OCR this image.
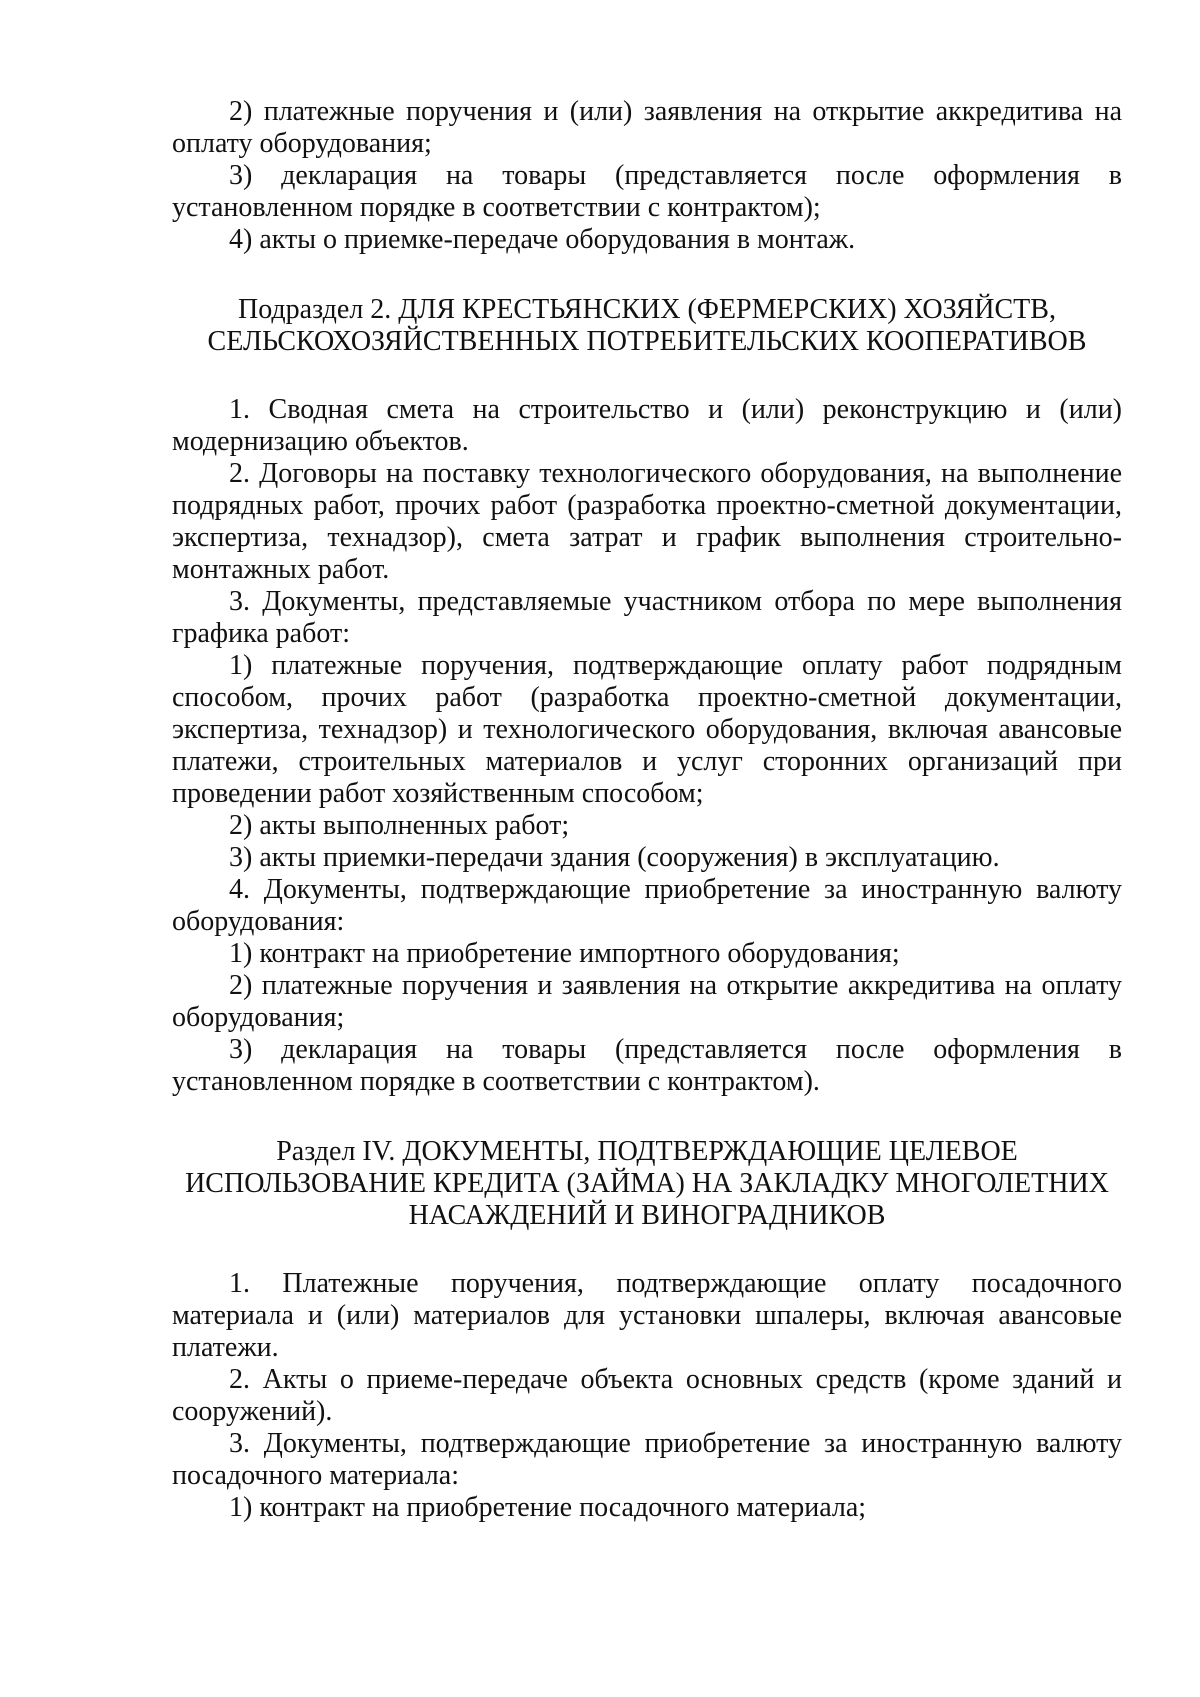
2) платежные поручения и (или) заявления на открытие аккредитива на оплату оборудования;

3) декларация на товары (представляется после оформления в установленном порядке в соответствии с контрактом);

4) акты о приемке-передаче оборудования в монтаж.

Подраздел 2. ДЛЯ КРЕСТЬЯНСКИХ (ФЕРМЕРСКИХ) ХОЗЯЙСТВ,
СЕЛЬСКОХОЗЯЙСТВЕННЫХ ПОТРЕБИТЕЛЬСКИХ КООПЕРАТИВОВ

1. Сводная смета на строительство и (или) реконструкцию и (или) модернизацию объектов.

2. Договоры на поставку технологического оборудования, на выполнение подрядных работ, прочих работ (разработка проектно-сметной документации, экспертиза, технадзор), смета затрат и график выполнения строительно-монтажных работ.

3. Документы, представляемые участником отбора по мере выполнения графика работ:

1) платежные поручения, подтверждающие оплату работ подрядным способом, прочих работ (разработка проектно-сметной документации, экспертиза, технадзор) и технологического оборудования, включая авансовые платежи, строительных материалов и услуг сторонних организаций при проведении работ хозяйственным способом;

2) акты выполненных работ;

3) акты приемки-передачи здания (сооружения) в эксплуатацию.

4. Документы, подтверждающие приобретение за иностранную валюту оборудования:

1) контракт на приобретение импортного оборудования;

2) платежные поручения и заявления на открытие аккредитива на оплату оборудования;

3) декларация на товары (представляется после оформления в установленном порядке в соответствии с контрактом).

Раздел IV. ДОКУМЕНТЫ, ПОДТВЕРЖДАЮЩИЕ ЦЕЛЕВОЕ
ИСПОЛЬЗОВАНИЕ КРЕДИТА (ЗАЙМА) НА ЗАКЛАДКУ МНОГОЛЕТНИХ
НАСАЖДЕНИЙ И ВИНОГРАДНИКОВ

1. Платежные поручения, подтверждающие оплату посадочного материала и (или) материалов для установки шпалеры, включая авансовые платежи.

2. Акты о приеме-передаче объекта основных средств (кроме зданий и сооружений).

3. Документы, подтверждающие приобретение за иностранную валюту посадочного материала:

1) контракт на приобретение посадочного материала;
